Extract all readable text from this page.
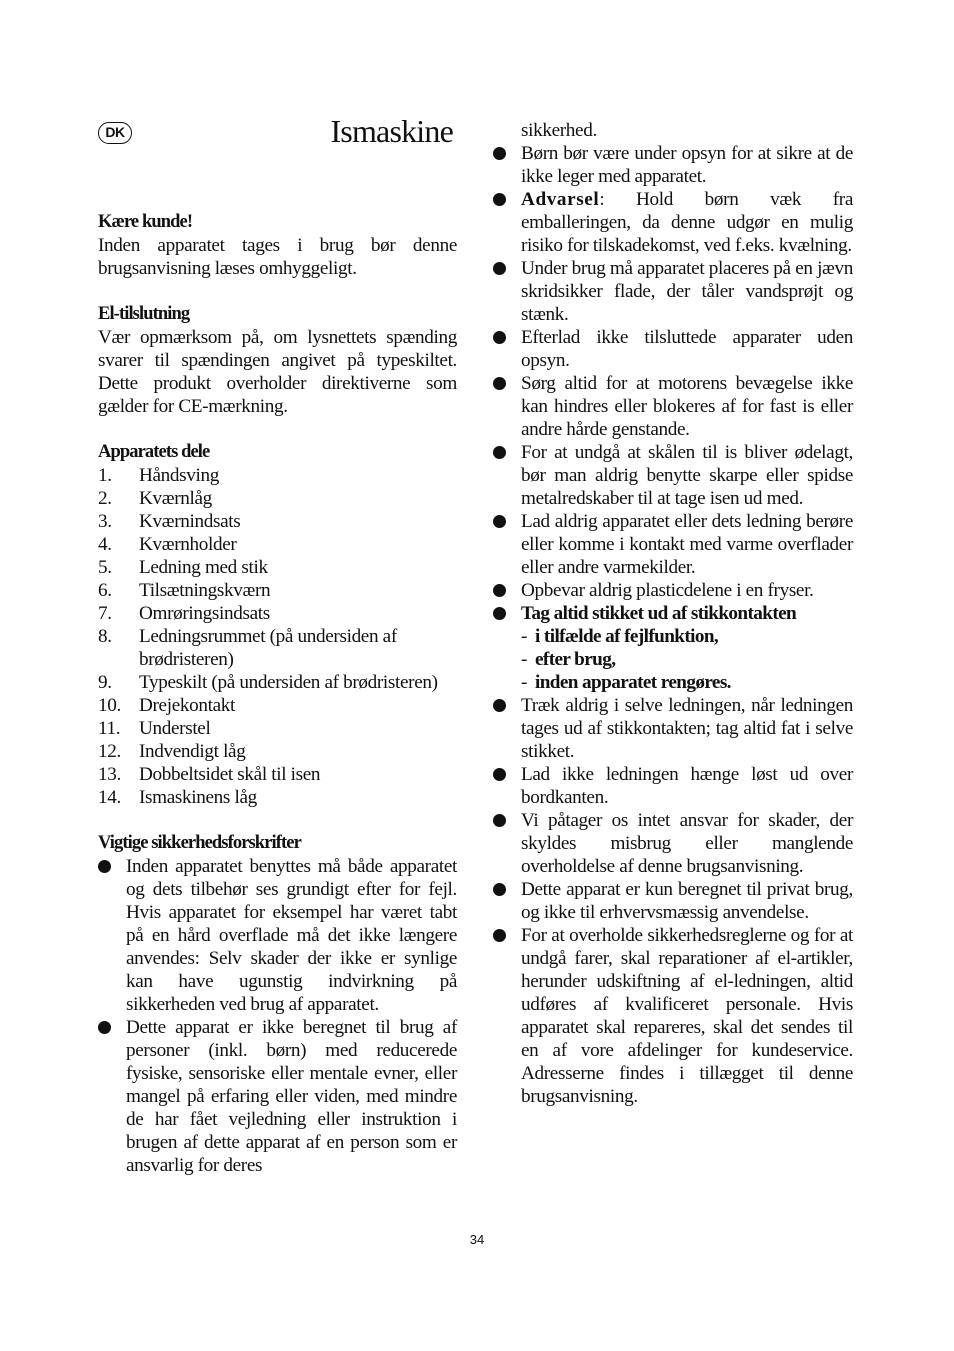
DK	Ismaskine
Kære kunde!

Inden apparatet tages i brug bør denne brugsanvisning læses omhyggeligt.

El-tilslutning

Vær opmærksom på, om lysnettets spænding svarer til spændingen angivet på typeskiltet. Dette produkt overholder direktiverne som gælder for CE-mærkning.

Apparatets dele
1.	Håndsving
2.	Kværnlåg
3.	Kværnindsats
4.	Kværnholder
5.	Ledning med stik
6.	Tilsætningskværn
7.	Omrøringsindsats
8.	Ledningsrummet (på undersiden af brødristeren)
9.	Typeskilt (på undersiden af brødristeren)
10. Drejekontakt
11. Understel
12. Indvendigt låg
13. Dobbeltsidet skål til isen
14. Ismaskinens låg
Vigtige sikkerhedsforskrifter
Inden apparatet benyttes må både apparatet og dets tilbehør ses grundigt efter for fejl. Hvis apparatet for eksempel har været tabt på en hård overflade må det ikke længere anvendes: Selv skader der ikke er synlige kan have ugunstig indvirkning på sikkerheden ved brug af apparatet.
Dette apparat er ikke beregnet til brug af personer (inkl. børn) med reducerede fysiske, sensoriske eller mentale evner, eller mangel på erfaring eller viden, med mindre de har fået vejledning eller instruktion i brugen af dette apparat af en person som er ansvarlig for deres
sikkerhed.
Børn bør være under opsyn for at sikre at de ikke leger med apparatet.
Advarsel: Hold børn væk fra emballeringen, da denne udgør en mulig risiko for tilskadekomst, ved f.eks. kvælning.
Under brug må apparatet placeres på en jævn skridsikker flade, der tåler vandsprøjt og stænk.
Efterlad ikke tilsluttede apparater uden opsyn.
Sørg altid for at motorens bevægelse ikke kan hindres eller blokeres af for fast is eller andre hårde genstande.
For at undgå at skålen til is bliver ødelagt, bør man aldrig benytte skarpe eller spidse metalredskaber til at tage isen ud med.
Lad aldrig apparatet eller dets ledning berøre eller komme i kontakt med varme overflader eller andre varmekilder.
Opbevar aldrig plasticdelene i en fryser.
Tag altid stikket ud af stikkontakten
- i tilfælde af fejlfunktion,
- efter brug,
- inden apparatet rengøres.
Træk aldrig i selve ledningen, når ledningen tages ud af stikkontakten; tag altid fat i selve stikket.
Lad ikke ledningen hænge løst ud over bordkanten.
Vi påtager os intet ansvar for skader, der skyldes misbrug eller manglende overholdelse af denne brugsanvisning.
Dette apparat er kun beregnet til privat brug, og ikke til erhvervsmæssig anvendelse.
For at overholde sikkerhedsreglerne og for at undgå farer, skal reparationer af el-artikler, herunder udskiftning af el-ledningen, altid udføres af kvalificeret personale. Hvis apparatet skal repareres, skal det sendes til en af vore afdelinger for kundeservice. Adresserne findes i tillægget til denne brugsanvisning.
34
